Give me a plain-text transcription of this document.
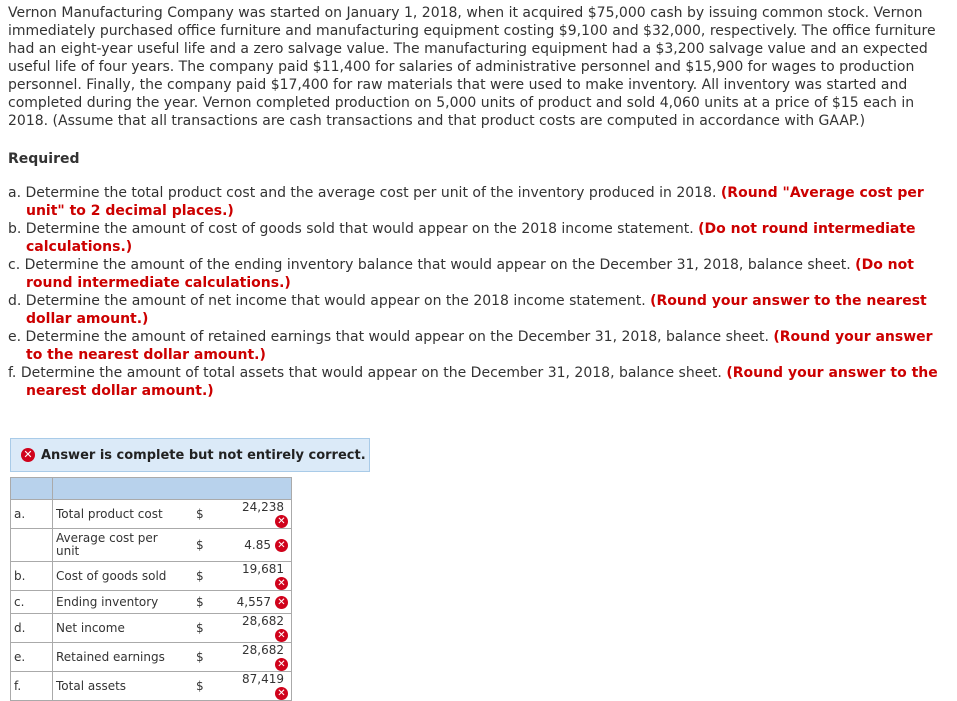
Vernon Manufacturing Company was started on January 1, 2018, when it acquired $75,000 cash by issuing common stock. Vernon immediately purchased office furniture and manufacturing equipment costing $9,100 and $32,000, respectively. The office furniture had an eight-year useful life and a zero salvage value. The manufacturing equipment had a $3,200 salvage value and an expected useful life of four years. The company paid $11,400 for salaries of administrative personnel and $15,900 for wages to production personnel. Finally, the company paid $17,400 for raw materials that were used to make inventory. All inventory was started and completed during the year. Vernon completed production on 5,000 units of product and sold 4,060 units at a price of $15 each in 2018. (Assume that all transactions are cash transactions and that product costs are computed in accordance with GAAP.)

Required

a. Determine the total product cost and the average cost per unit of the inventory produced in 2018. (Round "Average cost per unit" to 2 decimal places.)
b. Determine the amount of cost of goods sold that would appear on the 2018 income statement. (Do not round intermediate calculations.)
c. Determine the amount of the ending inventory balance that would appear on the December 31, 2018, balance sheet. (Do not round intermediate calculations.)
d. Determine the amount of net income that would appear on the 2018 income statement. (Round your answer to the nearest dollar amount.)
e. Determine the amount of retained earnings that would appear on the December 31, 2018, balance sheet. (Round your answer to the nearest dollar amount.)
f. Determine the amount of total assets that would appear on the December 31, 2018, balance sheet. (Round your answer to the nearest dollar amount.)
✕ Answer is complete but not entirely correct.

a.	Total product cost	$	24,238✕

	Average cost per unit	$	4.85 ✕
b.	Cost of goods sold	$	19,681✕
c.	Ending inventory	$	4,557 ✕
d.	Net income	$	28,682✕
e.	Retained earnings	$	28,682✕
f.	Total assets	$	87,419✕
